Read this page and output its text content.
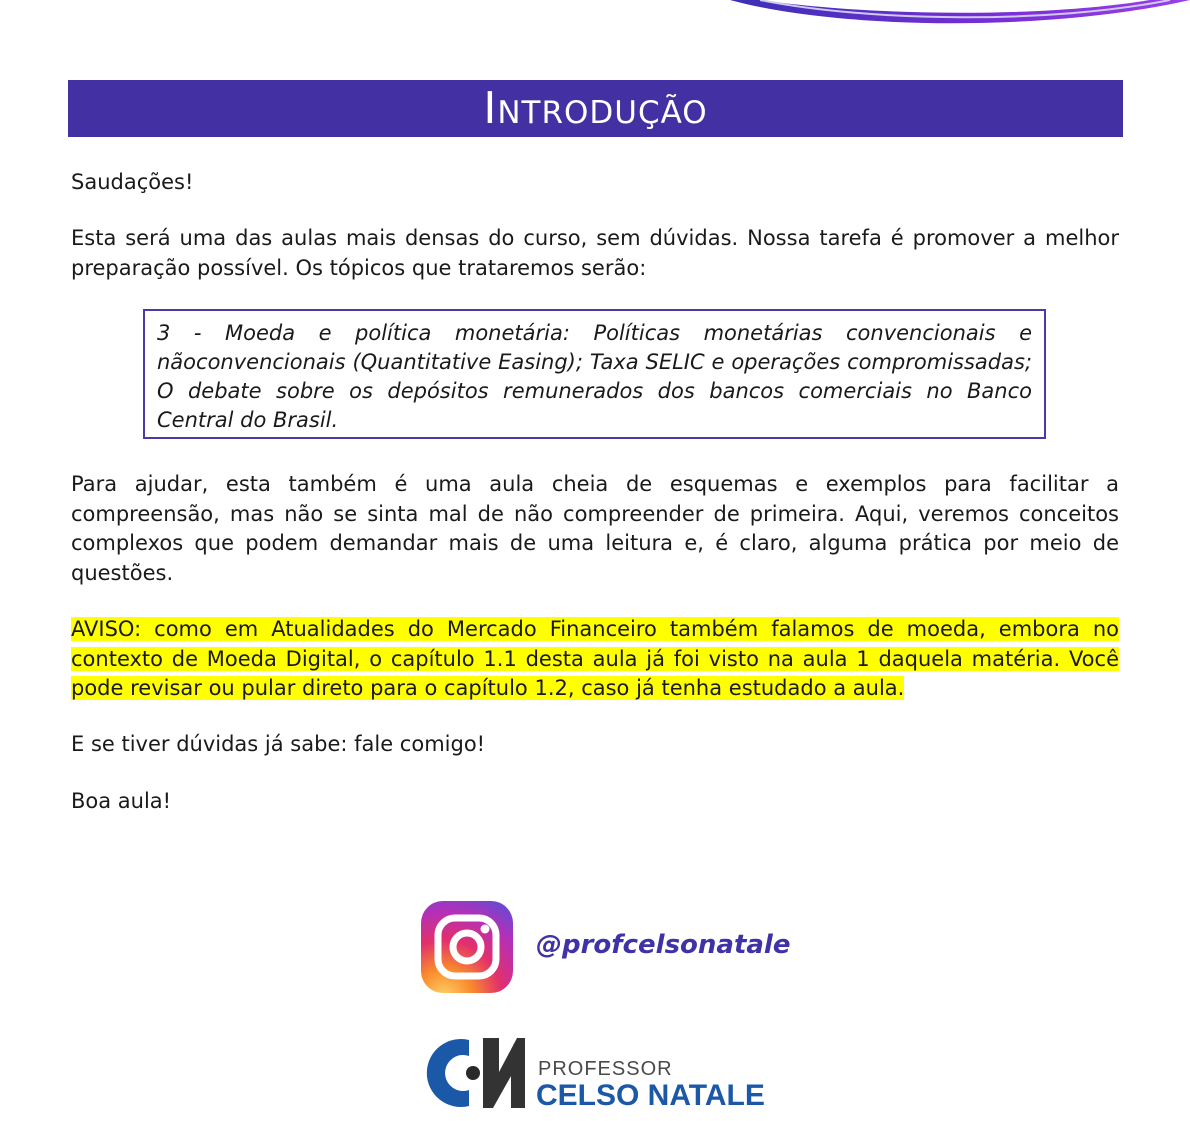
Introdução

Saudações!

Esta será uma das aulas mais densas do curso, sem dúvidas. Nossa tarefa é promover a melhor preparação possível. Os tópicos que trataremos serão:

3 - Moeda e política monetária: Políticas monetárias convencionais e nãoconvencionais (Quantitative Easing); Taxa SELIC e operações compromissadas; O debate sobre os depósitos remunerados dos bancos comerciais no Banco Central do Brasil.

Para ajudar, esta também é uma aula cheia de esquemas e exemplos para facilitar a compreensão, mas não se sinta mal de não compreender de primeira. Aqui, veremos conceitos complexos que podem demandar mais de uma leitura e, é claro, alguma prática por meio de questões.

AVISO: como em Atualidades do Mercado Financeiro também falamos de moeda, embora no contexto de Moeda Digital, o capítulo 1.1 desta aula já foi visto na aula 1 daquela matéria. Você pode revisar ou pular direto para o capítulo 1.2, caso já tenha estudado a aula.

E se tiver dúvidas já sabe: fale comigo!

Boa aula!

@profcelsonatale
PROFESSOR
CELSO NATALE
